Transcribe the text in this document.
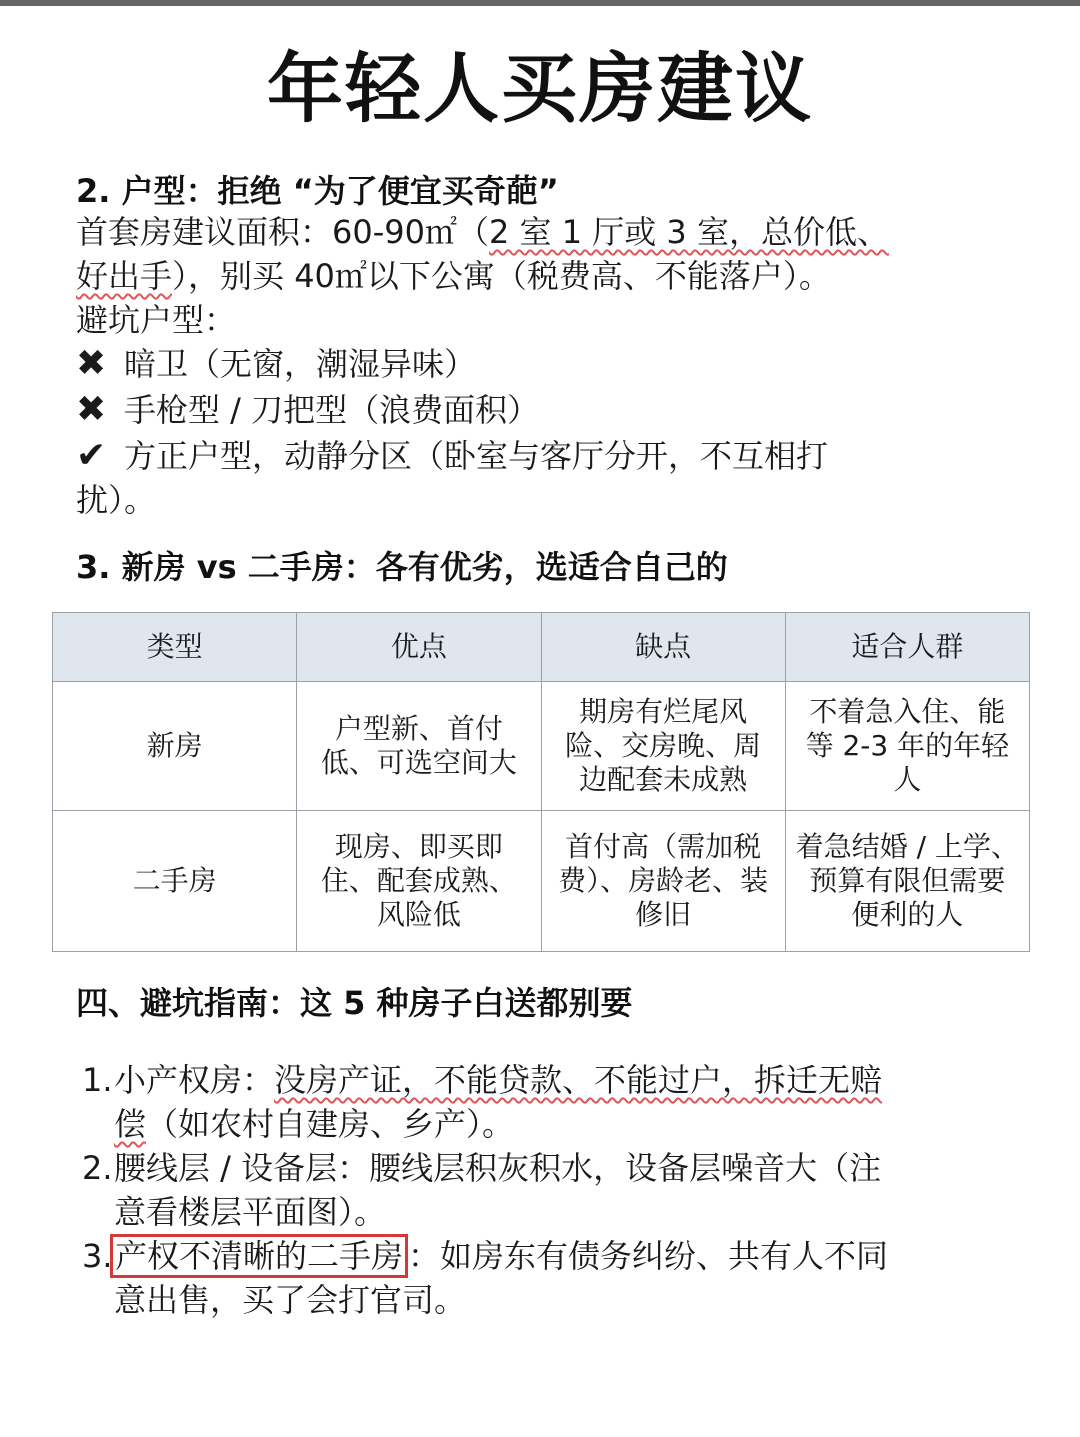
年轻人买房建议
2. 户型：拒绝 “为了便宜买奇葩”
首套房建议面积：60-90㎡（2 室 1 厅或 3 室，总价低、
好出手），别买 40㎡以下公寓（税费高、不能落户）。
避坑户型：
✖ 暗卫（无窗，潮湿异味）
✖ 手枪型 / 刀把型（浪费面积）
✔ 方正户型，动静分区（卧室与客厅分开，不互相打
扰）。
3. 新房 vs 二手房：各有优劣，选适合自己的
类型	优点	缺点	适合人群
新房	户型新、首付低、可选空间大	期房有烂尾风险、交房晚、周边配套未成熟	不着急入住、能等 2-3 年的年轻人
二手房	现房、即买即住、配套成熟、风险低	首付高（需加税费）、房龄老、装修旧	着急结婚 / 上学、预算有限但需要便利的人
四、避坑指南：这 5 种房子白送都别要
1. 小产权房：没房产证，不能贷款、不能过户，拆迁无赔
偿（如农村自建房、乡产）。
2. 腰线层 / 设备层：腰线层积灰积水，设备层噪音大（注
意看楼层平面图）。
3. 产权不清晰的二手房 ：如房东有债务纠纷、共有人不同
意出售，买了会打官司。
